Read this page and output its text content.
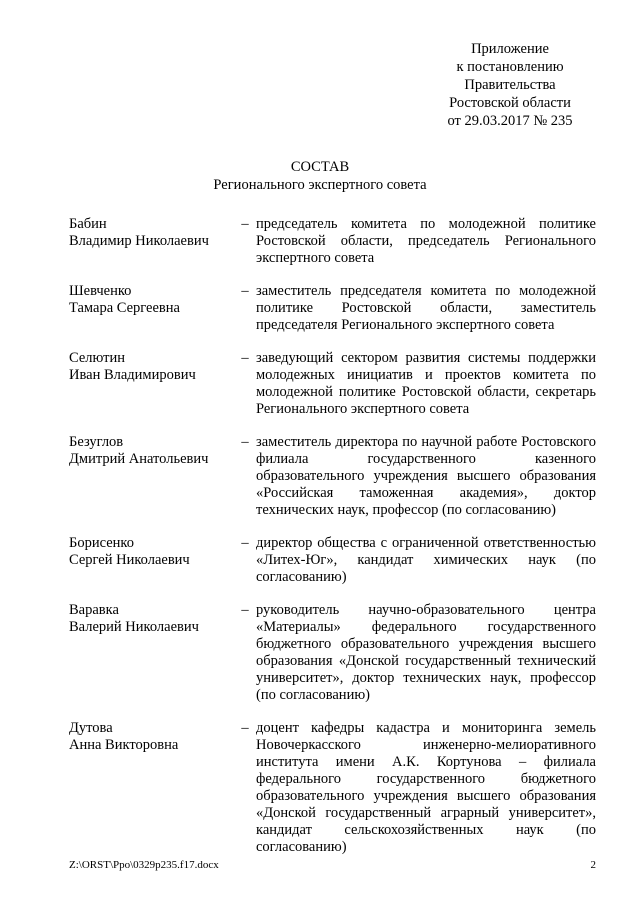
Приложение
к постановлению
Правительства
Ростовской области
от 29.03.2017 № 235
СОСТАВ
Регионального экспертного совета
Бабин
Владимир Николаевич
– председатель комитета по молодежной политике Ростовской области, председатель Регионального экспертного совета
Шевченко
Тамара Сергеевна
– заместитель председателя комитета по молодежной политике Ростовской области, заместитель председателя Регионального экспертного совета
Селютин
Иван Владимирович
– заведующий сектором развития системы поддержки молодежных инициатив и проектов комитета по молодежной политике Ростовской области, секретарь Регионального экспертного совета
Безуглов
Дмитрий Анатольевич
– заместитель директора по научной работе Ростовского филиала государственного казенного образовательного учреждения высшего образования «Российская таможенная академия», доктор технических наук, профессор (по согласованию)
Борисенко
Сергей Николаевич
– директор общества с ограниченной ответственностью «Литех-Юг», кандидат химических наук (по согласованию)
Варавка
Валерий Николаевич
– руководитель научно-образовательного центра «Материалы» федерального государственного бюджетного образовательного учреждения высшего образования «Донской государственный технический университет», доктор технических наук, профессор (по согласованию)
Дутова
Анна Викторовна
– доцент кафедры кадастра и мониторинга земель Новочеркасского инженерно-мелиоративного института имени А.К. Кортунова – филиала федерального государственного бюджетного образовательного учреждения высшего образования «Донской государственный аграрный университет», кандидат сельскохозяйственных наук (по согласованию)
Z:\ORST\Ppo\0329p235.f17.docx	2
